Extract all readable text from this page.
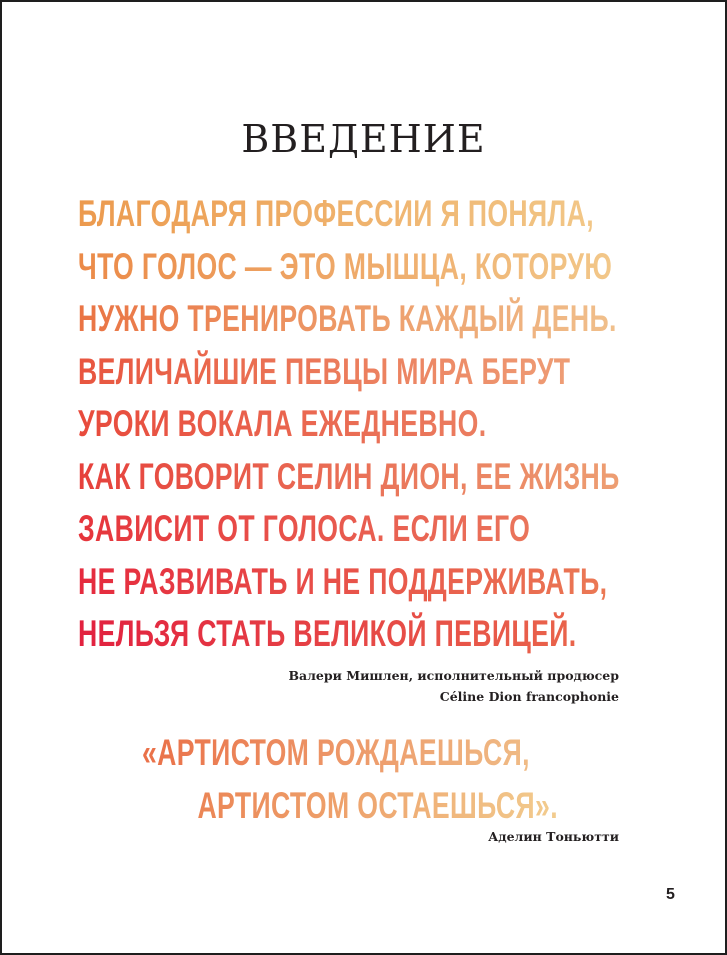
ВВЕДЕНИЕ
БЛАГОДАРЯ ПРОФЕССИИ Я ПОНЯЛА,
ЧТО ГОЛОС — ЭТО МЫШЦА, КОТОРУЮ
НУЖНО ТРЕНИРОВАТЬ КАЖДЫЙ ДЕНЬ.
ВЕЛИЧАЙШИЕ ПЕВЦЫ МИРА БЕРУТ
УРОКИ ВОКАЛА ЕЖЕДНЕВНО.
КАК ГОВОРИТ СЕЛИН ДИОН, ЕЕ ЖИЗНЬ
ЗАВИСИТ ОТ ГОЛОСА. ЕСЛИ ЕГО
НЕ РАЗВИВАТЬ И НЕ ПОДДЕРЖИВАТЬ,
НЕЛЬЗЯ СТАТЬ ВЕЛИКОЙ ПЕВИЦЕЙ.
Валери Мишлен, исполнительный продюсер
Céline Dion francophonie
«АРТИСТОМ РОЖДАЕШЬСЯ,
АРТИСТОМ ОСТАЕШЬСЯ».
Аделин Тоньютти
5
